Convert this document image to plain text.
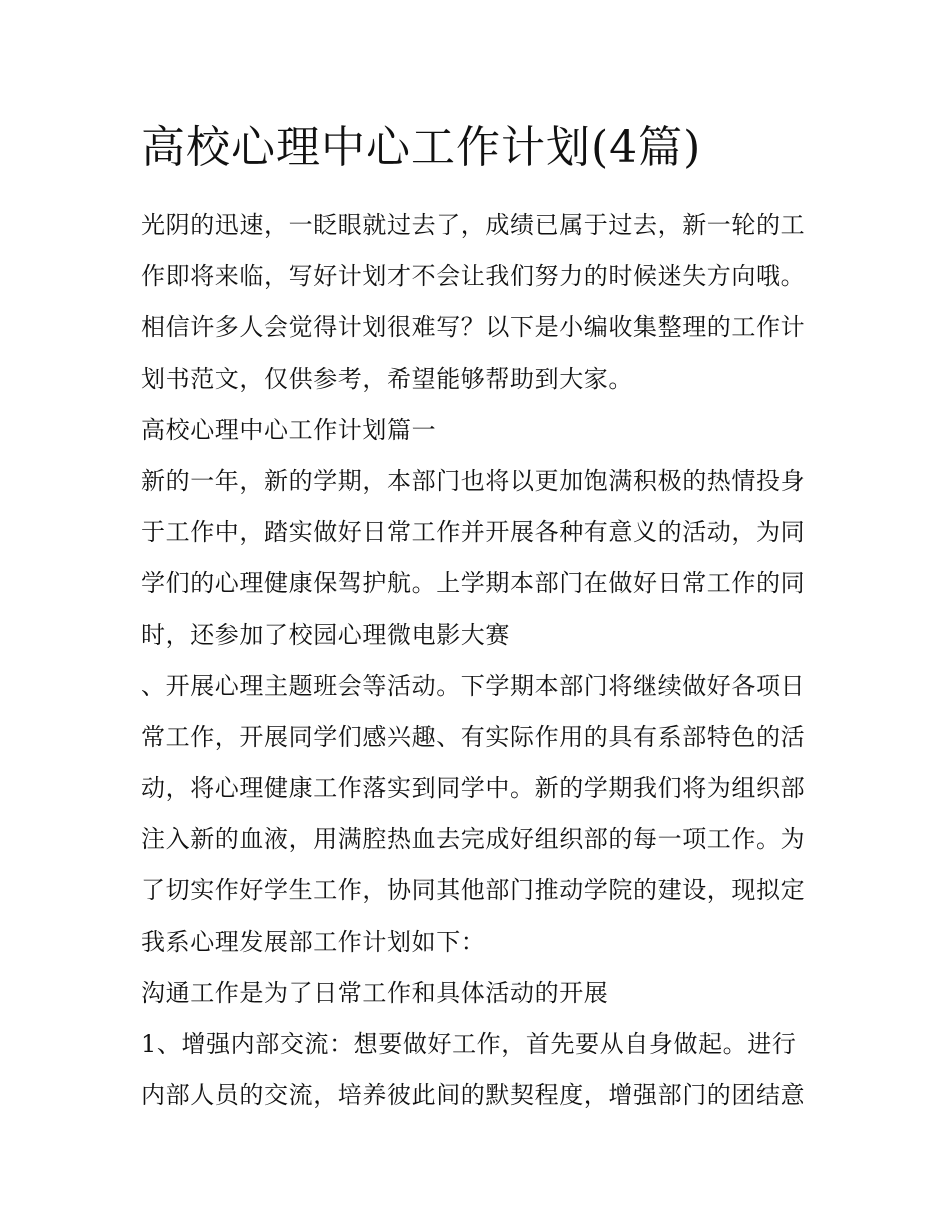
高校心理中心工作计划(4篇)
光阴的迅速，一眨眼就过去了，成绩已属于过去，新一轮的工
作即将来临，写好计划才不会让我们努力的时候迷失方向哦。
相信许多人会觉得计划很难写？以下是小编收集整理的工作计
划书范文，仅供参考，希望能够帮助到大家。
高校心理中心工作计划篇一
新的一年，新的学期，本部门也将以更加饱满积极的热情投身
于工作中，踏实做好日常工作并开展各种有意义的活动，为同
学们的心理健康保驾护航。上学期本部门在做好日常工作的同
时，还参加了校园心理微电影大赛
、开展心理主题班会等活动。下学期本部门将继续做好各项日
常工作，开展同学们感兴趣、有实际作用的具有系部特色的活
动，将心理健康工作落实到同学中。新的学期我们将为组织部
注入新的血液，用满腔热血去完成好组织部的每一项工作。为
了切实作好学生工作，协同其他部门推动学院的建设，现拟定
我系心理发展部工作计划如下：
沟通工作是为了日常工作和具体活动的开展
1、增强内部交流：想要做好工作，首先要从自身做起。进行
内部人员的交流，培养彼此间的默契程度，增强部门的团结意
